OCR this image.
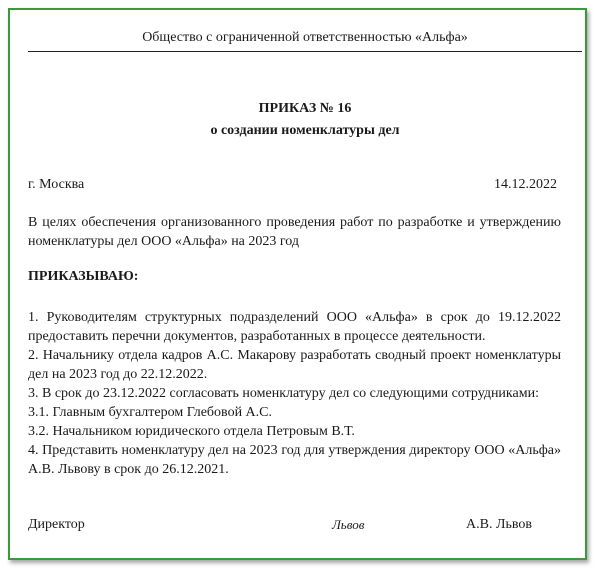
Общество с ограниченной ответственностью «Альфа»
ПРИКАЗ № 16
о создании номенклатуры дел
г. Москва	14.12.2022
В целях обеспечения организованного проведения работ по разработке и утверждению номенклатуры дел ООО «Альфа» на 2023 год
ПРИКАЗЫВАЮ:
1. Руководителям структурных подразделений ООО «Альфа» в срок до 19.12.2022 предоставить перечни документов, разработанных в процессе деятельности.
2. Начальнику отдела кадров А.С. Макарову разработать сводный проект номенклатуры дел на 2023 год до 22.12.2022.
3. В срок до 23.12.2022 согласовать номенклатуру дел со следующими сотрудниками:
3.1. Главным бухгалтером Глебовой А.С.
3.2. Начальником юридического отдела Петровым В.Т.
4. Представить номенклатуру дел на 2023 год для утверждения директору ООО «Альфа» А.В. Львову в срок до 26.12.2021.
Директор	Львов	А.В. Львов
